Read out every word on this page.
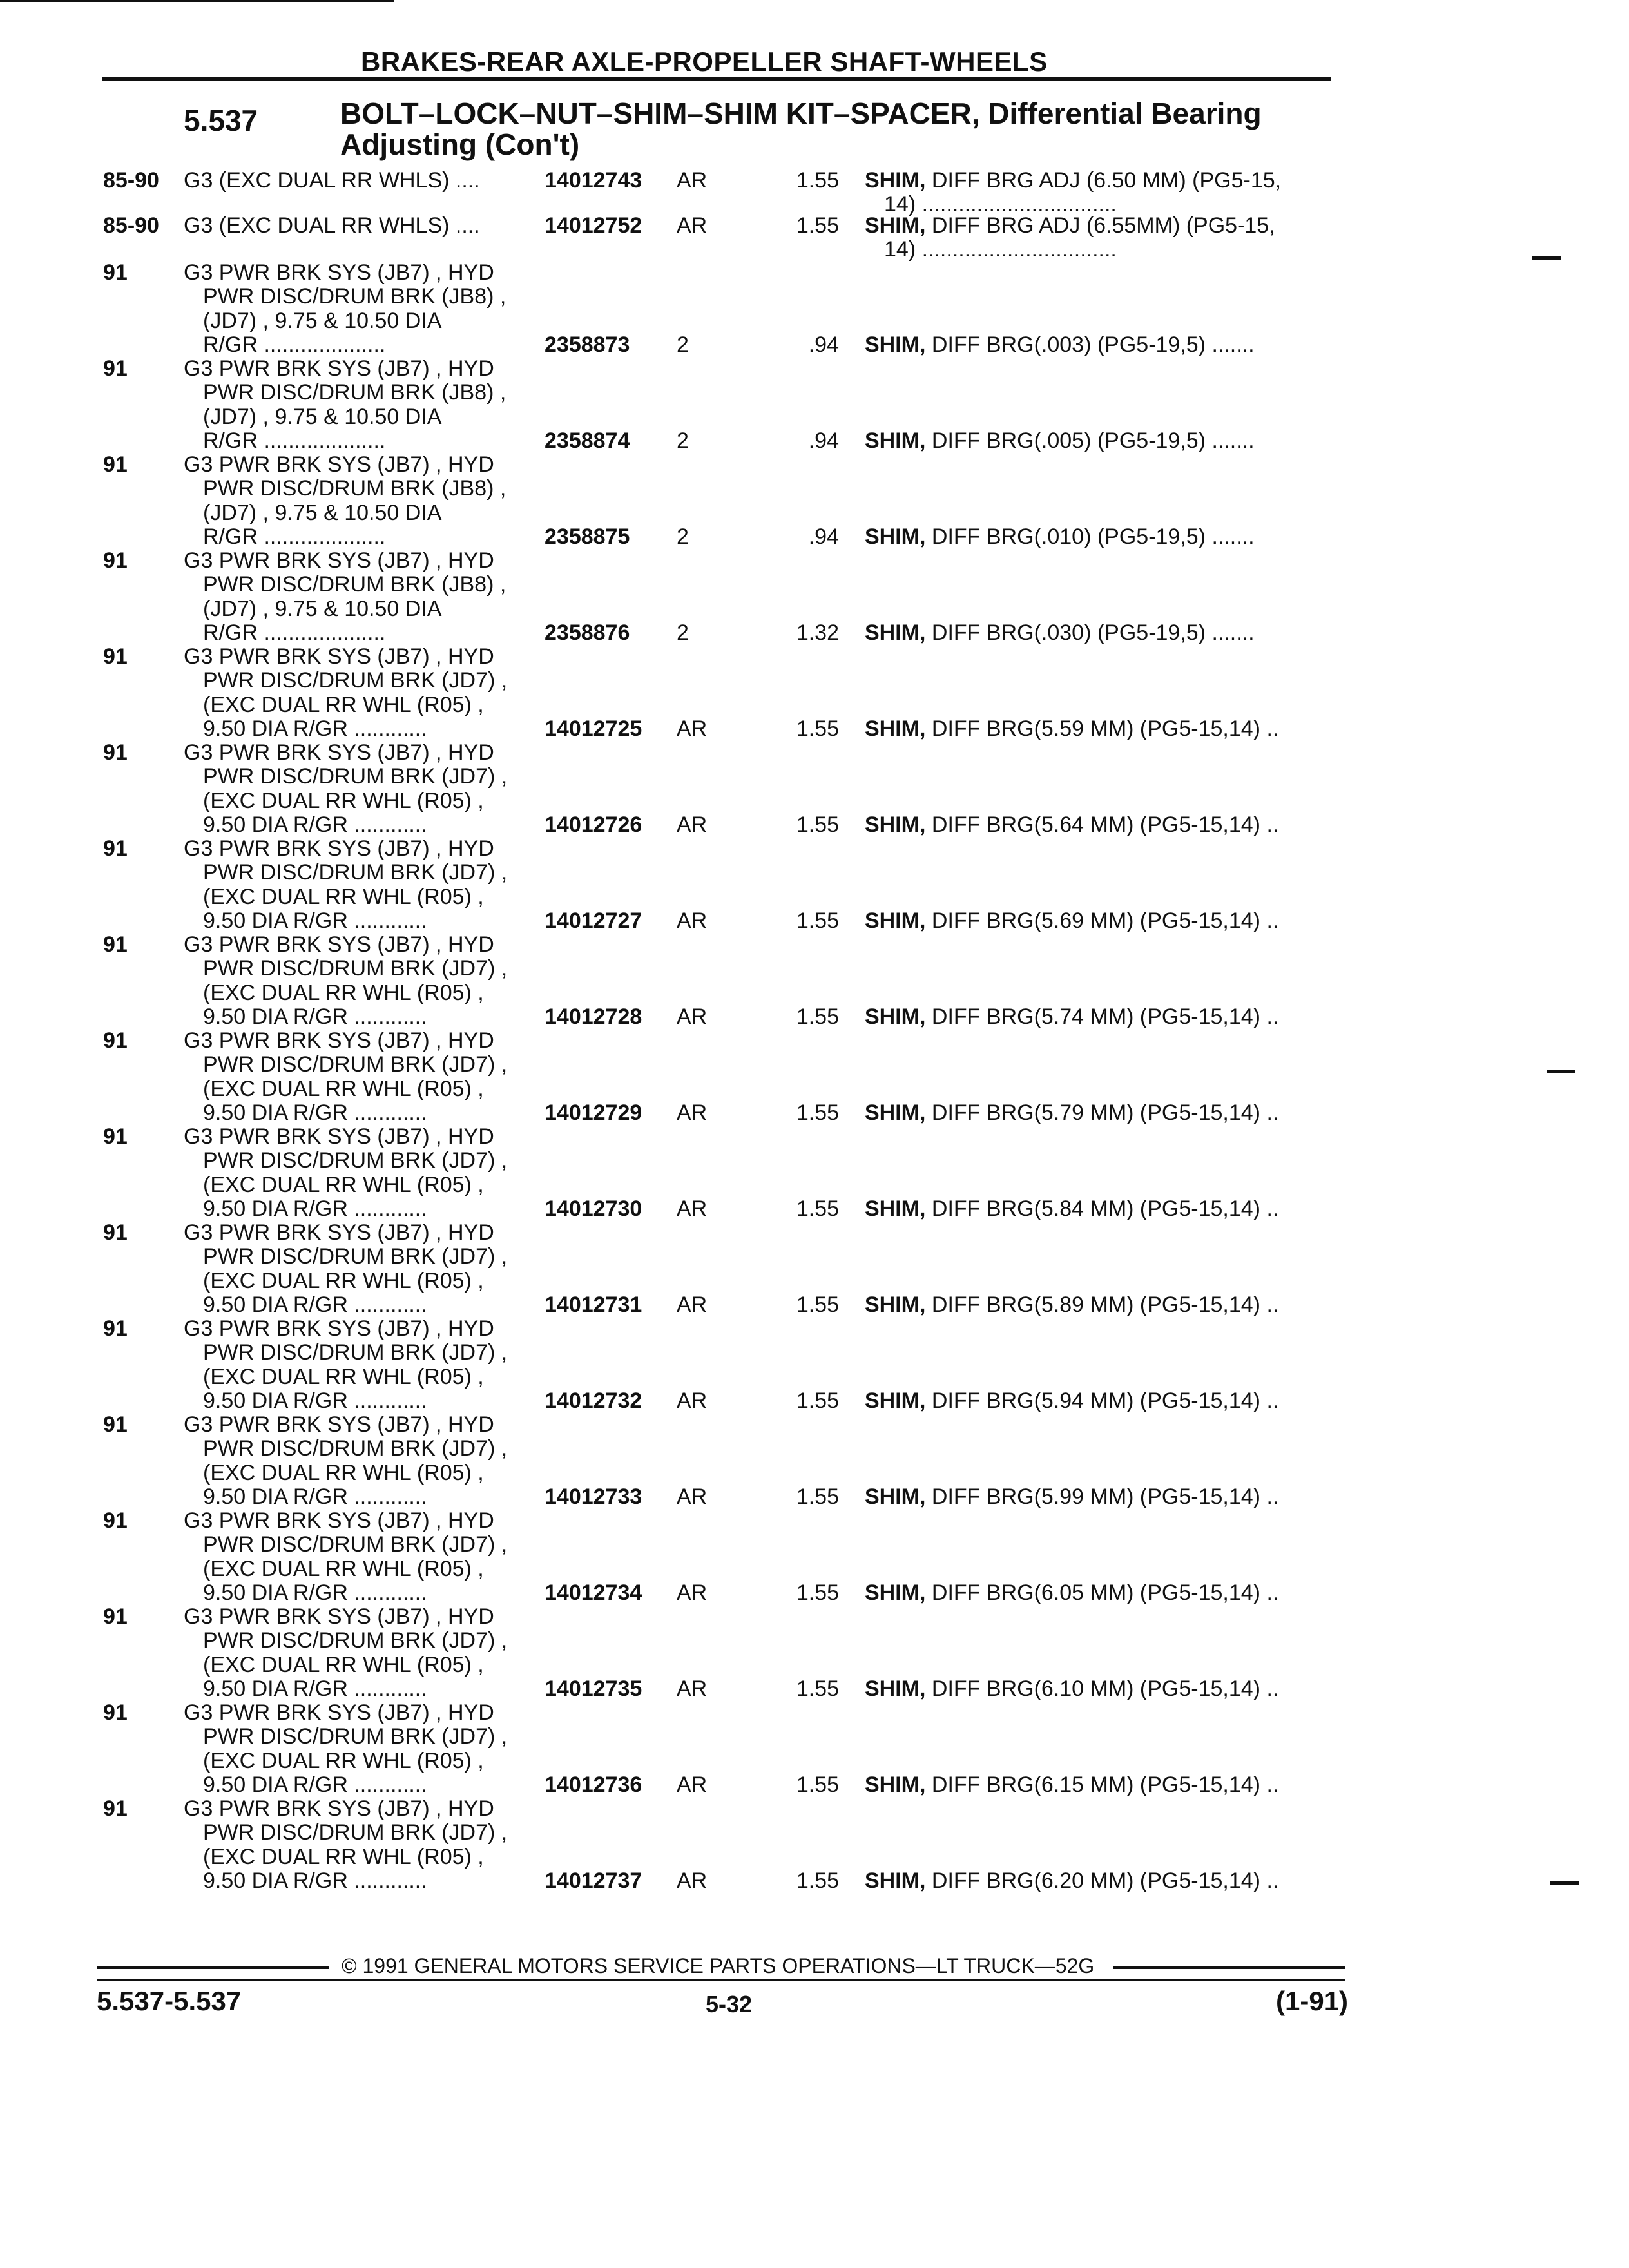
BRAKES-REAR AXLE-PROPELLER SHAFT-WHEELS
5.537	BOLT–LOCK–NUT–SHIM–SHIM KIT–SPACER, Differential Bearing
Adjusting (Con't)
85-90 G3 (EXC DUAL RR WHLS) ....	14012743 AR	1.55 SHIM, DIFF BRG ADJ (6.50 MM) (PG5-15,
14) ................................
85-90 G3 (EXC DUAL RR WHLS) ....	14012752 AR	1.55 SHIM, DIFF BRG ADJ (6.55MM) (PG5-15,
14) ................................
91	G3 PWR BRK SYS (JB7) , HYD
PWR DISC/DRUM BRK (JB8) ,
(JD7) , 9.75 & 10.50 DIA
R/GR ....................	2358873 2	.94 SHIM, DIFF BRG(.003) (PG5-19,5) .......
91	G3 PWR BRK SYS (JB7) , HYD
PWR DISC/DRUM BRK (JB8) ,
(JD7) , 9.75 & 10.50 DIA
R/GR ....................	2358874 2	.94 SHIM, DIFF BRG(.005) (PG5-19,5) .......
91	G3 PWR BRK SYS (JB7) , HYD
PWR DISC/DRUM BRK (JB8) ,
(JD7) , 9.75 & 10.50 DIA
R/GR ....................	2358875 2	.94 SHIM, DIFF BRG(.010) (PG5-19,5) .......
91	G3 PWR BRK SYS (JB7) , HYD
PWR DISC/DRUM BRK (JB8) ,
(JD7) , 9.75 & 10.50 DIA
R/GR ....................	2358876 2	1.32 SHIM, DIFF BRG(.030) (PG5-19,5) .......
91	G3 PWR BRK SYS (JB7) , HYD
PWR DISC/DRUM BRK (JD7) ,
(EXC DUAL RR WHL (R05) ,
9.50 DIA R/GR ............	14012725 AR	1.55 SHIM, DIFF BRG(5.59 MM) (PG5-15,14) ..
91	G3 PWR BRK SYS (JB7) , HYD
PWR DISC/DRUM BRK (JD7) ,
(EXC DUAL RR WHL (R05) ,
9.50 DIA R/GR ............	14012726 AR	1.55 SHIM, DIFF BRG(5.64 MM) (PG5-15,14) ..
91	G3 PWR BRK SYS (JB7) , HYD
PWR DISC/DRUM BRK (JD7) ,
(EXC DUAL RR WHL (R05) ,
9.50 DIA R/GR ............	14012727 AR	1.55 SHIM, DIFF BRG(5.69 MM) (PG5-15,14) ..
91	G3 PWR BRK SYS (JB7) , HYD
PWR DISC/DRUM BRK (JD7) ,
(EXC DUAL RR WHL (R05) ,
9.50 DIA R/GR ............	14012728 AR	1.55 SHIM, DIFF BRG(5.74 MM) (PG5-15,14) ..
91	G3 PWR BRK SYS (JB7) , HYD
PWR DISC/DRUM BRK (JD7) ,
(EXC DUAL RR WHL (R05) ,
9.50 DIA R/GR ............	14012729 AR	1.55 SHIM, DIFF BRG(5.79 MM) (PG5-15,14) ..
91	G3 PWR BRK SYS (JB7) , HYD
PWR DISC/DRUM BRK (JD7) ,
(EXC DUAL RR WHL (R05) ,
9.50 DIA R/GR ............	14012730 AR	1.55 SHIM, DIFF BRG(5.84 MM) (PG5-15,14) ..
91	G3 PWR BRK SYS (JB7) , HYD
PWR DISC/DRUM BRK (JD7) ,
(EXC DUAL RR WHL (R05) ,
9.50 DIA R/GR ............	14012731 AR	1.55 SHIM, DIFF BRG(5.89 MM) (PG5-15,14) ..
91	G3 PWR BRK SYS (JB7) , HYD
PWR DISC/DRUM BRK (JD7) ,
(EXC DUAL RR WHL (R05) ,
9.50 DIA R/GR ............	14012732 AR	1.55 SHIM, DIFF BRG(5.94 MM) (PG5-15,14) ..
91	G3 PWR BRK SYS (JB7) , HYD
PWR DISC/DRUM BRK (JD7) ,
(EXC DUAL RR WHL (R05) ,
9.50 DIA R/GR ............	14012733 AR	1.55 SHIM, DIFF BRG(5.99 MM) (PG5-15,14) ..
91	G3 PWR BRK SYS (JB7) , HYD
PWR DISC/DRUM BRK (JD7) ,
(EXC DUAL RR WHL (R05) ,
9.50 DIA R/GR ............	14012734 AR	1.55 SHIM, DIFF BRG(6.05 MM) (PG5-15,14) ..
91	G3 PWR BRK SYS (JB7) , HYD
PWR DISC/DRUM BRK (JD7) ,
(EXC DUAL RR WHL (R05) ,
9.50 DIA R/GR ............	14012735 AR	1.55 SHIM, DIFF BRG(6.10 MM) (PG5-15,14) ..
91	G3 PWR BRK SYS (JB7) , HYD
PWR DISC/DRUM BRK (JD7) ,
(EXC DUAL RR WHL (R05) ,
9.50 DIA R/GR ............	14012736 AR	1.55 SHIM, DIFF BRG(6.15 MM) (PG5-15,14) ..
91	G3 PWR BRK SYS (JB7) , HYD
PWR DISC/DRUM BRK (JD7) ,
(EXC DUAL RR WHL (R05) ,
9.50 DIA R/GR ............	14012737 AR	1.55 SHIM, DIFF BRG(6.20 MM) (PG5-15,14) ..
© 1991 GENERAL MOTORS SERVICE PARTS OPERATIONS—LT TRUCK—52G
5.537-5.537	5-32	(1-91)
